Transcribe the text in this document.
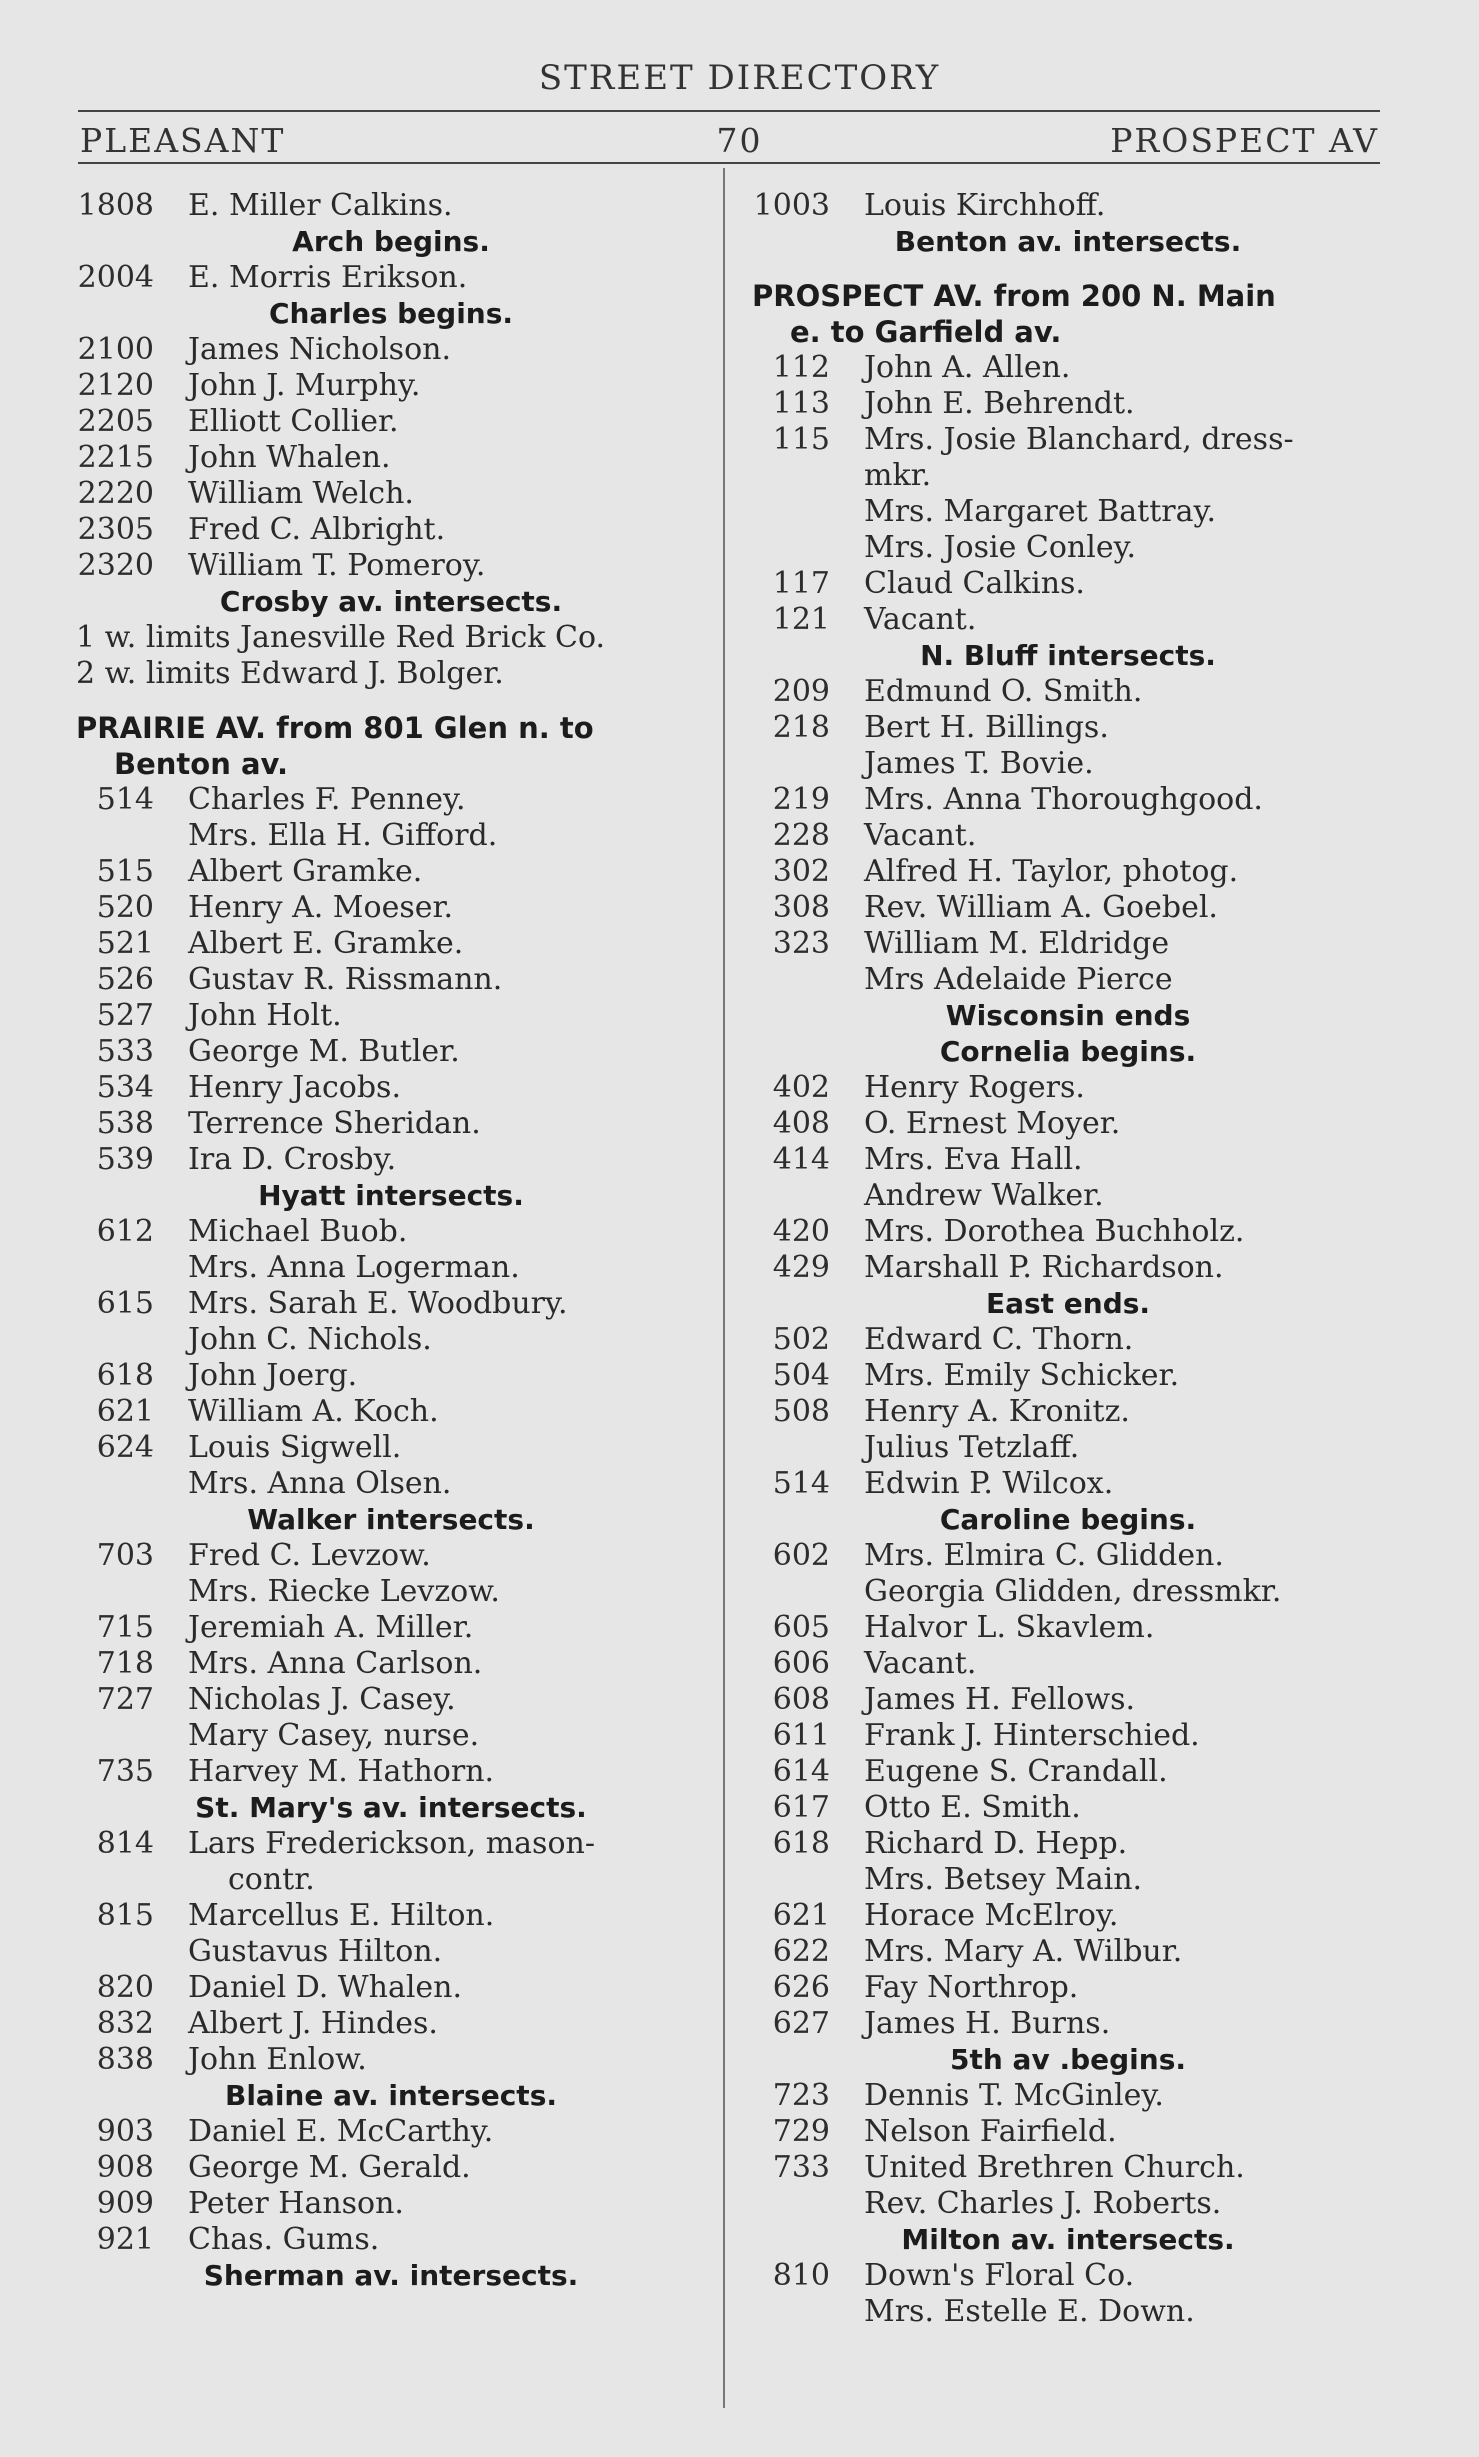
STREET DIRECTORY
PLEASANT	70	PROSPECT AV
1808 E. Miller Calkins.
Arch begins.
2004 E. Morris Erikson.
Charles begins.
2100 James Nicholson.
2120 John J. Murphy.
2205 Elliott Collier.
2215 John Whalen.
2220 William Welch.
2305 Fred C. Albright.
2320 William T. Pomeroy.
Crosby av. intersects.
1 w. limits Janesville Red Brick Co.
2 w. limits Edward J. Bolger.
PRAIRIE AV. from 801 Glen n. to
Benton av.
514 Charles F. Penney.
Mrs. Ella H. Gifford.
515 Albert Gramke.
520 Henry A. Moeser.
521 Albert E. Gramke.
526 Gustav R. Rissmann.
527 John Holt.
533 George M. Butler.
534 Henry Jacobs.
538 Terrence Sheridan.
539 Ira D. Crosby.
Hyatt intersects.
612 Michael Buob.
Mrs. Anna Logerman.
615 Mrs. Sarah E. Woodbury.
John C. Nichols.
618 John Joerg.
621 William A. Koch.
624 Louis Sigwell.
Mrs. Anna Olsen.
Walker intersects.
703 Fred C. Levzow.
Mrs. Riecke Levzow.
715 Jeremiah A. Miller.
718 Mrs. Anna Carlson.
727 Nicholas J. Casey.
Mary Casey, nurse.
735 Harvey M. Hathorn.
St. Mary's av. intersects.
814 Lars Frederickson, mason-
contr.
815 Marcellus E. Hilton.
Gustavus Hilton.
820 Daniel D. Whalen.
832 Albert J. Hindes.
838 John Enlow.
Blaine av. intersects.
903 Daniel E. McCarthy.
908 George M. Gerald.
909 Peter Hanson.
921 Chas. Gums.
Sherman av. intersects.
1003 Louis Kirchhoff.
Benton av. intersects.
PROSPECT AV. from 200 N. Main
e. to Garfield av.
112 John A. Allen.
113 John E. Behrendt.
115 Mrs. Josie Blanchard, dress-
mkr.
Mrs. Margaret Battray.
Mrs. Josie Conley.
117 Claud Calkins.
121 Vacant.
N. Bluff intersects.
209 Edmund O. Smith.
218 Bert H. Billings.
James T. Bovie.
219 Mrs. Anna Thoroughgood.
228 Vacant.
302 Alfred H. Taylor, photog.
308 Rev. William A. Goebel.
323 William M. Eldridge
Mrs Adelaide Pierce
Wisconsin ends
Cornelia begins.
402 Henry Rogers.
408 O. Ernest Moyer.
414 Mrs. Eva Hall.
Andrew Walker.
420 Mrs. Dorothea Buchholz.
429 Marshall P. Richardson.
East ends.
502 Edward C. Thorn.
504 Mrs. Emily Schicker.
508 Henry A. Kronitz.
Julius Tetzlaff.
514 Edwin P. Wilcox.
Caroline begins.
602 Mrs. Elmira C. Glidden.
Georgia Glidden, dressmkr.
605 Halvor L. Skavlem.
606 Vacant.
608 James H. Fellows.
611 Frank J. Hinterschied.
614 Eugene S. Crandall.
617 Otto E. Smith.
618 Richard D. Hepp.
Mrs. Betsey Main.
621 Horace McElroy.
622 Mrs. Mary A. Wilbur.
626 Fay Northrop.
627 James H. Burns.
5th av .begins.
723 Dennis T. McGinley.
729 Nelson Fairfield.
733 United Brethren Church.
Rev. Charles J. Roberts.
Milton av. intersects.
810 Down's Floral Co.
Mrs. Estelle E. Down.
